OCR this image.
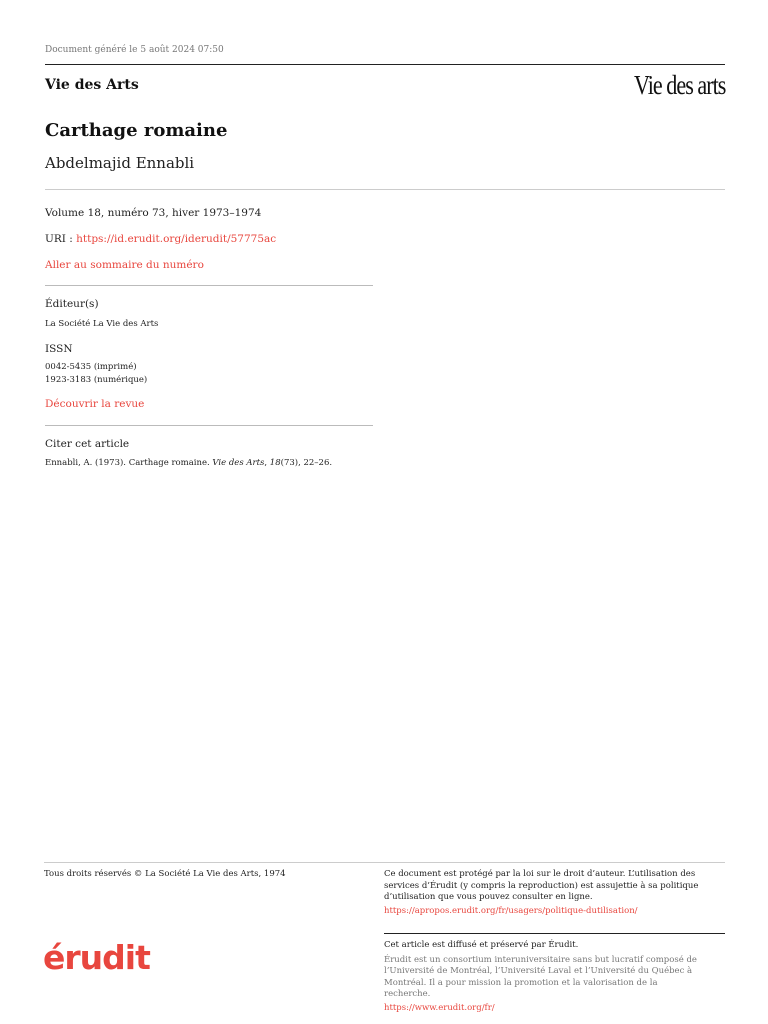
Document généré le 5 août 2024 07:50
Vie des Arts	Vie des arts
Carthage romaine
Abdelmajid Ennabli
Volume 18, numéro 73, hiver 1973–1974
URI : https://id.erudit.org/iderudit/57775ac
Aller au sommaire du numéro
Éditeur(s)
La Société La Vie des Arts
ISSN
0042-5435 (imprimé)
1923-3183 (numérique)
Découvrir la revue
Citer cet article
Ennabli, A. (1973). Carthage romaine. Vie des Arts, 18(73), 22–26.
Tous droits réservés © La Société La Vie des Arts, 1974	Ce document est protégé par la loi sur le droit d’auteur. L’utilisation des services d’Érudit (y compris la reproduction) est assujettie à sa politique d’utilisation que vous pouvez consulter en ligne.
https://apropos.erudit.org/fr/usagers/politique-dutilisation/
érudit	Cet article est diffusé et préservé par Érudit.
Érudit est un consortium interuniversitaire sans but lucratif composé de l’Université de Montréal, l’Université Laval et l’Université du Québec à Montréal. Il a pour mission la promotion et la valorisation de la recherche.
https://www.erudit.org/fr/
